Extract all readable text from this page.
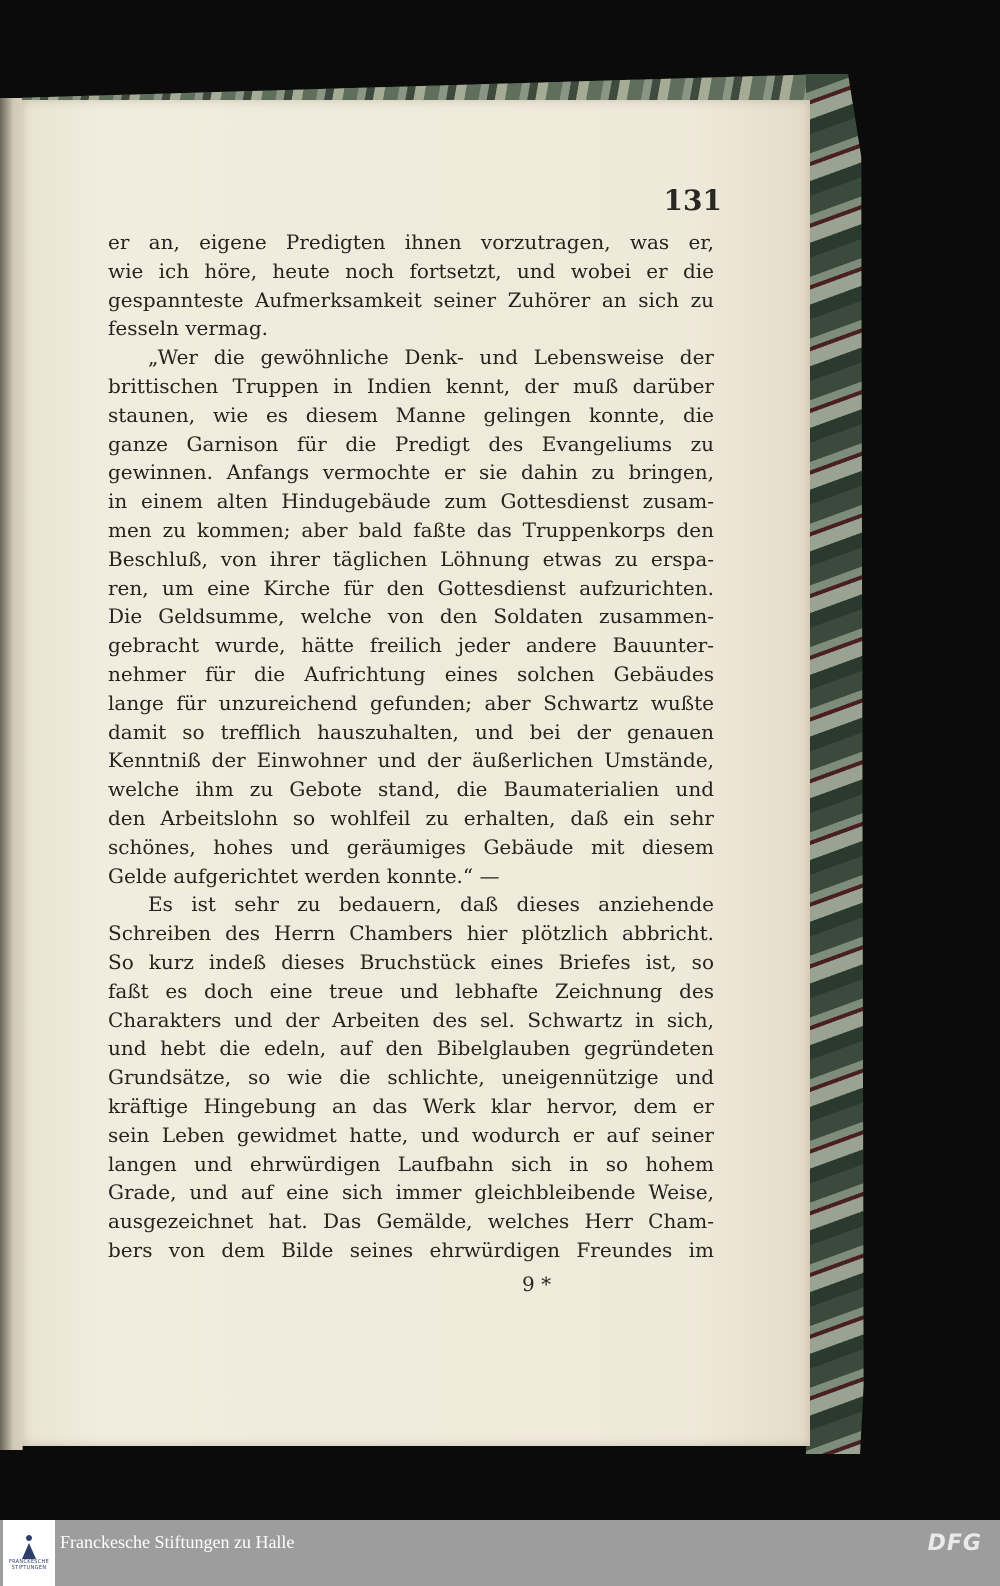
131

er an, eigene Predigten ihnen vorzutragen, was er,
wie ich höre, heute noch fortsetzt, und wobei er die
gespannteste Aufmerksamkeit seiner Zuhörer an sich zu
fesseln vermag.
„Wer die gewöhnliche Denk- und Lebensweise der
brittischen Truppen in Indien kennt, der muß darüber
staunen, wie es diesem Manne gelingen konnte, die
ganze Garnison für die Predigt des Evangeliums zu
gewinnen. Anfangs vermochte er sie dahin zu bringen,
in einem alten Hindugebäude zum Gottesdienst zusam-
men zu kommen; aber bald faßte das Truppenkorps den
Beschluß, von ihrer täglichen Löhnung etwas zu erspa-
ren, um eine Kirche für den Gottesdienst aufzurichten.
Die Geldsumme, welche von den Soldaten zusammen-
gebracht wurde, hätte freilich jeder andere Bauunter-
nehmer für die Aufrichtung eines solchen Gebäudes
lange für unzureichend gefunden; aber Schwartz wußte
damit so trefflich hauszuhalten, und bei der genauen
Kenntniß der Einwohner und der äußerlichen Umstände,
welche ihm zu Gebote stand, die Baumaterialien und
den Arbeitslohn so wohlfeil zu erhalten, daß ein sehr
schönes, hohes und geräumiges Gebäude mit diesem
Gelde aufgerichtet werden konnte.“ —
Es ist sehr zu bedauern, daß dieses anziehende
Schreiben des Herrn Chambers hier plötzlich abbricht.
So kurz indeß dieses Bruchstück eines Briefes ist, so
faßt es doch eine treue und lebhafte Zeichnung des
Charakters und der Arbeiten des sel. Schwartz in sich,
und hebt die edeln, auf den Bibelglauben gegründeten
Grundsätze, so wie die schlichte, uneigennützige und
kräftige Hingebung an das Werk klar hervor, dem er
sein Leben gewidmet hatte, und wodurch er auf seiner
langen und ehrwürdigen Laufbahn sich in so hohem
Grade, und auf eine sich immer gleichbleibende Weise,
ausgezeichnet hat. Das Gemälde, welches Herr Cham-
bers von dem Bilde seines ehrwürdigen Freundes im

9 *

FRANCKESCHE
STIFTUNGEN
Franckesche Stiftungen zu Halle	DFG
